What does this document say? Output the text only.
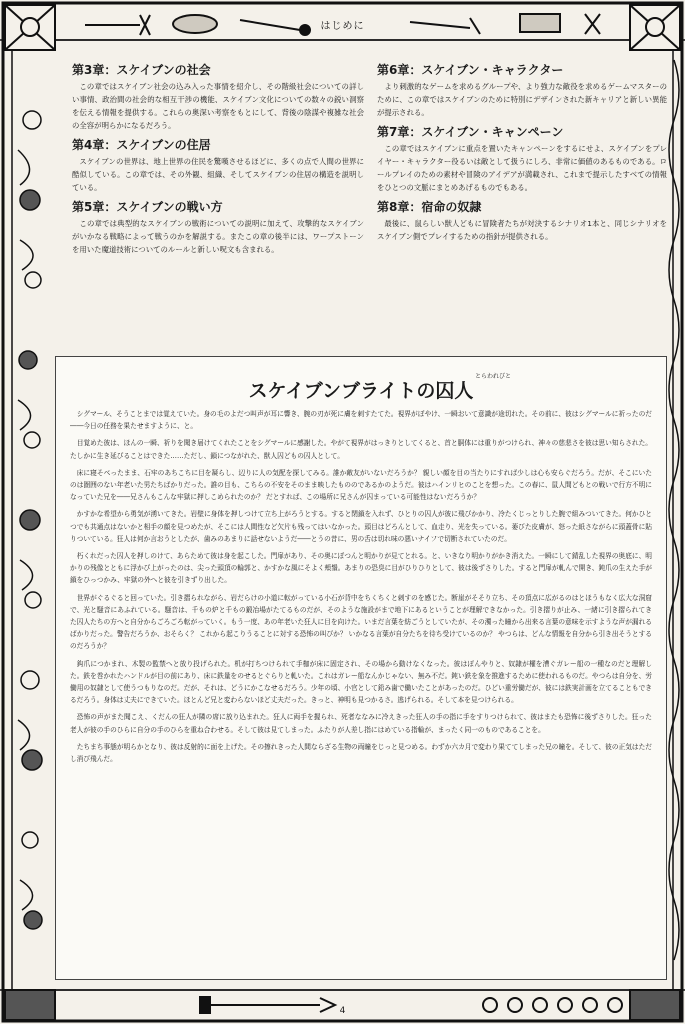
はじめに
第3章：スケイブンの社会

この章ではスケイブン社会の込み入った事情を紹介し、その階級社会についての詳しい事情、政治間の社会的な相互干渉の機能、スケイブン文化についての数々の鋭い洞察を伝える情報を提供する。これらの奥深い考察をもとにして、背後の陰謀や複雑な社会の全容が明らかになるだろう。

第4章：スケイブンの住居

スケイブンの世界は、地上世界の住民を驚嘆させるほどに、多くの点で人間の世界に酷似している。この章では、その外観、組織、そしてスケイブンの住居の構造を説明している。

第5章：スケイブンの戦い方

この章では典型的なスケイブンの戦術についての説明に加えて、攻撃的なスケイブンがいかなる戦略によって戦うのかを解説する。またこの章の後半には、ワープストーンを用いた魔道技術についてのルールと新しい呪文も含まれる。

第6章：スケイブン・キャラクター

より刺激的なゲームを求めるグループや、より強力な敵役を求めるゲームマスターのために、この章ではスケイブンのために特別にデザインされた新キャリアと新しい異能が提示される。

第7章：スケイブン・キャンペーン

この章ではスケイブンに重点を置いたキャンペーンをするにせよ、スケイブンをプレイヤー・キャラクター役るいは敵として扱うにしろ、非常に価値のあるものである。ロールプレイのための素材や冒険のアイデアが満載され、これまで提示したすべての情報をひとつの文脈にまとめあげるものでもある。

第8章：宿命の奴隷

最後に、鼠らしい獣人どもに冒険者たちが対決するシナリオ1本と、同じシナリオをスケイブン側でプレイするための指針が提供される。

とらわれびと
スケイブンブライトの囚人

シグマール、そうことまでは覚えていた。身の毛のよだつ叫声が耳に響き、腕の刃が死に膚を刺すたてた。視界がぼやけ、一瞬おいて意識が途切れた。その前に、彼はシグマールに祈ったのだ――今日の任務を果たせますように、と。

目覚めた彼は、ほんの一瞬、祈りを聞き届けてくれたことをシグマールに感謝した。やがて視界がはっきりとしてくると、首と胴体には重りがつけられ、神々の慈悲さを彼は思い知らされた。たしかに生き延びることはできた……ただし、鎖につながれた、獣人囚どもの囚人として。

床に寝そべったまま、石牢のあちこちに目を凝らし、辺りに人の気配を探してみる。誰か敵友がいないだろうか？ 親しい顔を目の当たりにすれば少しは心も安らぐだろう。だが、そこにいたのは圏囲のない年老いた男たちばかりだった。誰の目も、こちらの不安をそのまま映したもののであるかのようだ。彼はハインリヒのことを想った。この春に、鼠人間どもとの戦いで行方不明になっていた兄を――兄さんもこんな牢獄に押しこめられたのか？ だとすれば、この場所に兄さんが囚まっている可能性はないだろうか？

かすかな希望から勇気が湧いてきた。岩壁に身体を押しつけて立ち上がろうとする。すると閉鎖を入れず、ひとりの囚人が彼に飛びかかり、冷たくじっとりした腕で組みついてきた。何かひとつでも共通点はないかと相手の顔を見つめたが、そこには人間性など欠片も残ってはいなかった。頭目はどろんとして、血走り、光を失っている。萎びた皮膚が、怒った紙さながらに頭蓋骨に貼りついている。狂人は何か言おうとしたが、歯みのあまりに話せないようだ――とうの昔に、男の舌は切れ味の悪いナイフで切断されていたのだ。

朽くれだった囚人を押しのけて、あらためて彼は身を起こした。門扉があり、その奥にぼつんと明かりが見てとれる。と、いきなり明かりがかき消えた。一瞬にして錆乱した視界の奥底に、明かりの残像とともに浮かび上がったのは、尖った頭頂の輪郭と、かすかな風にそよく頬鬚。あまりの恐臭に目がひりひりとして、彼は後ずさりした。すると門扉が軋んで開き、鈍爪の生えた手が鎖をひっつかみ、牢獄の外へと彼を引きずり出した。

世界がぐるぐると回っていた。引き摺られながら、岩だらけの小道に転がっている小石が背中をちくちくと刺すのを感じた。断崖がそそり立ち、その頂点に広がるのはとほうもなく広大な洞窟で、光と騒音にあふれている。騒音は、千もの炉と千もの鍛冶場がたてるものだが、そのような施設がまで地下にあるということが理解できなかった。引き摺りが止み、一緒に引き摺られてきた囚人たちの方へと自分からごろごろ転がっていく。もう一度、あの年老いた狂人に目を向けた。いまだ言葉を紡ごうとしていたが、その濁った瞳から出来る言葉の意味を示すような声が漏れるばかりだった。警告だろうか、おそらく？ これから起こりうることに対する恐怖の叫びか？ いかなる言葉が自分たちを待ち受けているのか？ やつらは、どんな情報を自分から引き出そうとするのだろうか？

鈎爪につかまれ、木製の監禁へと放り投げられた。机が打ちつけられて手枷が床に固定され、その場から動けなくなった。彼はぽんやりと、奴隷が櫂を漕ぐガレー船の一種なのだと理解した。鉄を巻かれたハンドルが目の前にあり、床に鉄量をのせるとぐらりと軋いた。これはガレー船なんかじゃない、無み不だ。鈍い鉄を象を推進するために使われるものだ。やつらは自分を、労働用の奴隷として使うつもりなのだ。だが、それは、どうにかこなせるだろう。少年の頃、小官として鉛み歯で働いたことがあったのだ。ひどい重労働だが、彼には鉄実計画を立てることもできるだろう。身体は丈夫にできていた。ほとんど兄と変わらないほど丈夫だった。きっと、神明も見つかるさ。逃げられる。そして本を見つけられる。

恐怖の声がまた聞こえ、くだんの狂人が隣の席に放り込まれた。狂人に両手を握られ、死者ななみに冷えきった狂人の手の指に手をすりつけられて、彼はまたも恐怖に後ずさりした。狂った老人が彼の手のひらに自分の手のひらを重ね合わせる。そして彼は見てしまった。ふたりが人差し指にはめている指輪が、まったく同一のものであることを。

たちまち事態が明らかとなり、彼は反射的に面を上げた。その擦れきった人間ならざる生物の両瞳をじっと見つめる。わずか六カ月で変わり果ててしまった兄の瞳を。そして、彼の正気はただし消び飛んだ。

4
